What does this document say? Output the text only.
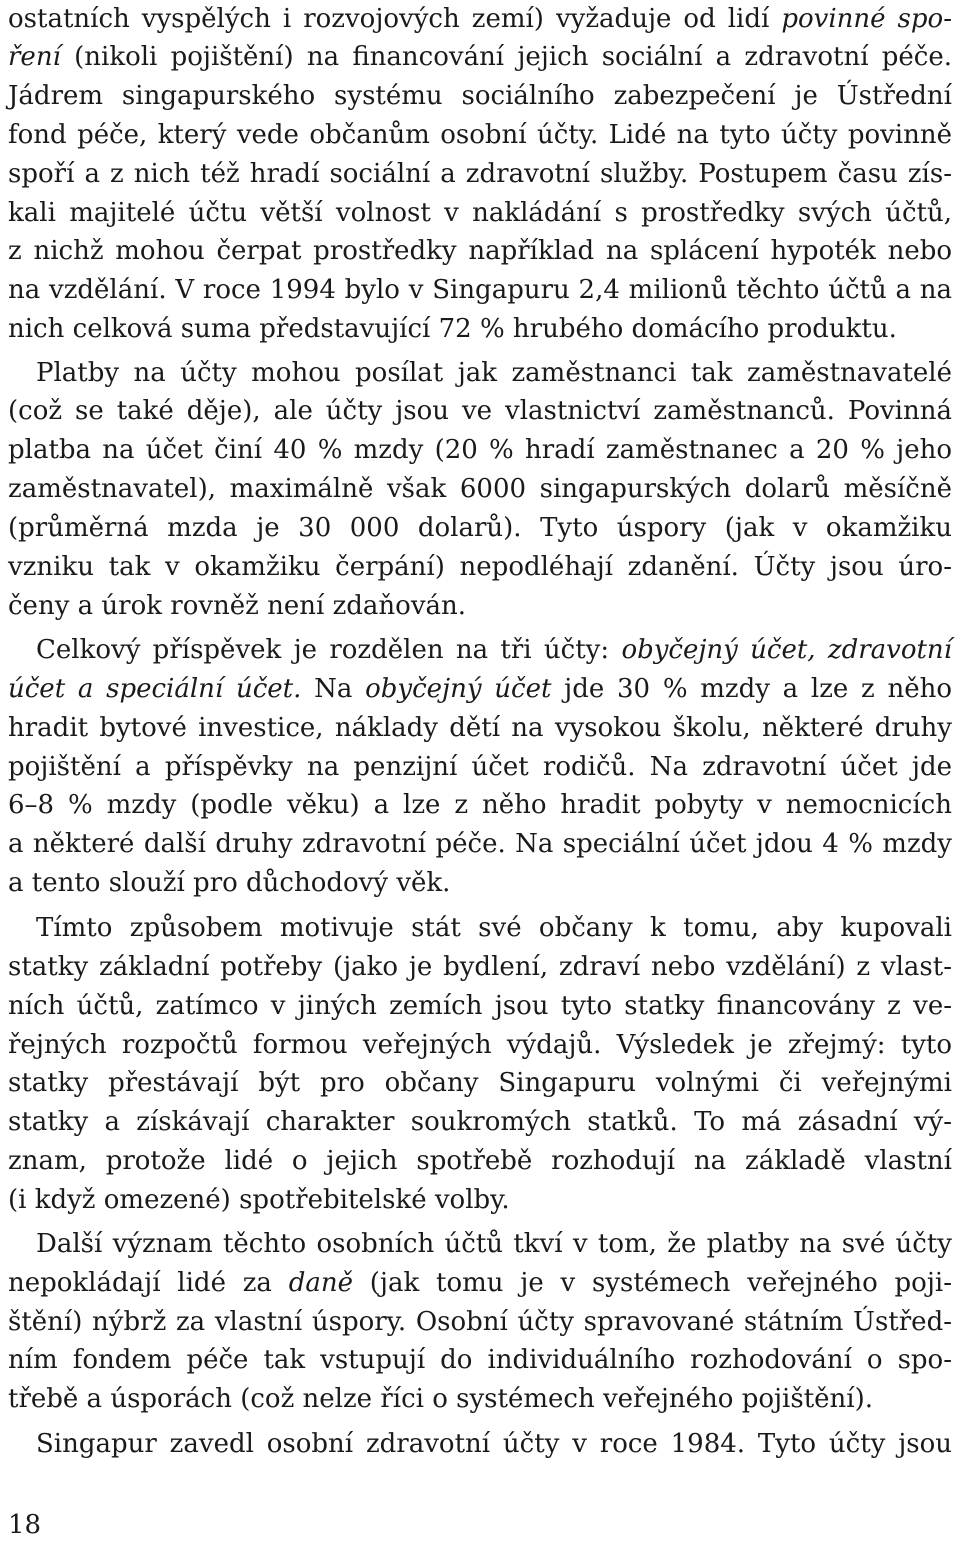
ostatních vyspělých i rozvojových zemí) vyžaduje od lidí povinné spo-
ření (nikoli pojištění) na financování jejich sociální a zdravotní péče.
Jádrem singapurského systému sociálního zabezpečení je Ústřední
fond péče, který vede občanům osobní účty. Lidé na tyto účty povinně
spoří a z nich též hradí sociální a zdravotní služby. Postupem času zís-
kali majitelé účtu větší volnost v nakládání s prostředky svých účtů,
z nichž mohou čerpat prostředky například na splácení hypoték nebo
na vzdělání. V roce 1994 bylo v Singapuru 2,4 milionů těchto účtů a na
nich celková suma představující 72 % hrubého domácího produktu.
Platby na účty mohou posílat jak zaměstnanci tak zaměstnavatelé
(což se také děje), ale účty jsou ve vlastnictví zaměstnanců. Povinná
platba na účet činí 40 % mzdy (20 % hradí zaměstnanec a 20 % jeho
zaměstnavatel), maximálně však 6000 singapurských dolarů měsíčně
(průměrná mzda je 30 000 dolarů). Tyto úspory (jak v okamžiku
vzniku tak v okamžiku čerpání) nepodléhají zdanění. Účty jsou úro-
čeny a úrok rovněž není zdaňován.
Celkový příspěvek je rozdělen na tři účty: obyčejný účet, zdravotní
účet a speciální účet. Na obyčejný účet jde 30 % mzdy a lze z něho
hradit bytové investice, náklady dětí na vysokou školu, některé druhy
pojištění a příspěvky na penzijní účet rodičů. Na zdravotní účet jde
6–8 % mzdy (podle věku) a lze z něho hradit pobyty v nemocnicích
a některé další druhy zdravotní péče. Na speciální účet jdou 4 % mzdy
a tento slouží pro důchodový věk.
Tímto způsobem motivuje stát své občany k tomu, aby kupovali
statky základní potřeby (jako je bydlení, zdraví nebo vzdělání) z vlast-
ních účtů, zatímco v jiných zemích jsou tyto statky financovány z ve-
řejných rozpočtů formou veřejných výdajů. Výsledek je zřejmý: tyto
statky přestávají být pro občany Singapuru volnými či veřejnými
statky a získávají charakter soukromých statků. To má zásadní vý-
znam, protože lidé o jejich spotřebě rozhodují na základě vlastní
(i když omezené) spotřebitelské volby.
Další význam těchto osobních účtů tkví v tom, že platby na své účty
nepokládají lidé za daně (jak tomu je v systémech veřejného poji-
štění) nýbrž za vlastní úspory. Osobní účty spravované státním Ústřed-
ním fondem péče tak vstupují do individuálního rozhodování o spo-
třebě a úsporách (což nelze říci o systémech veřejného pojištění).
Singapur zavedl osobní zdravotní účty v roce 1984. Tyto účty jsou
18
